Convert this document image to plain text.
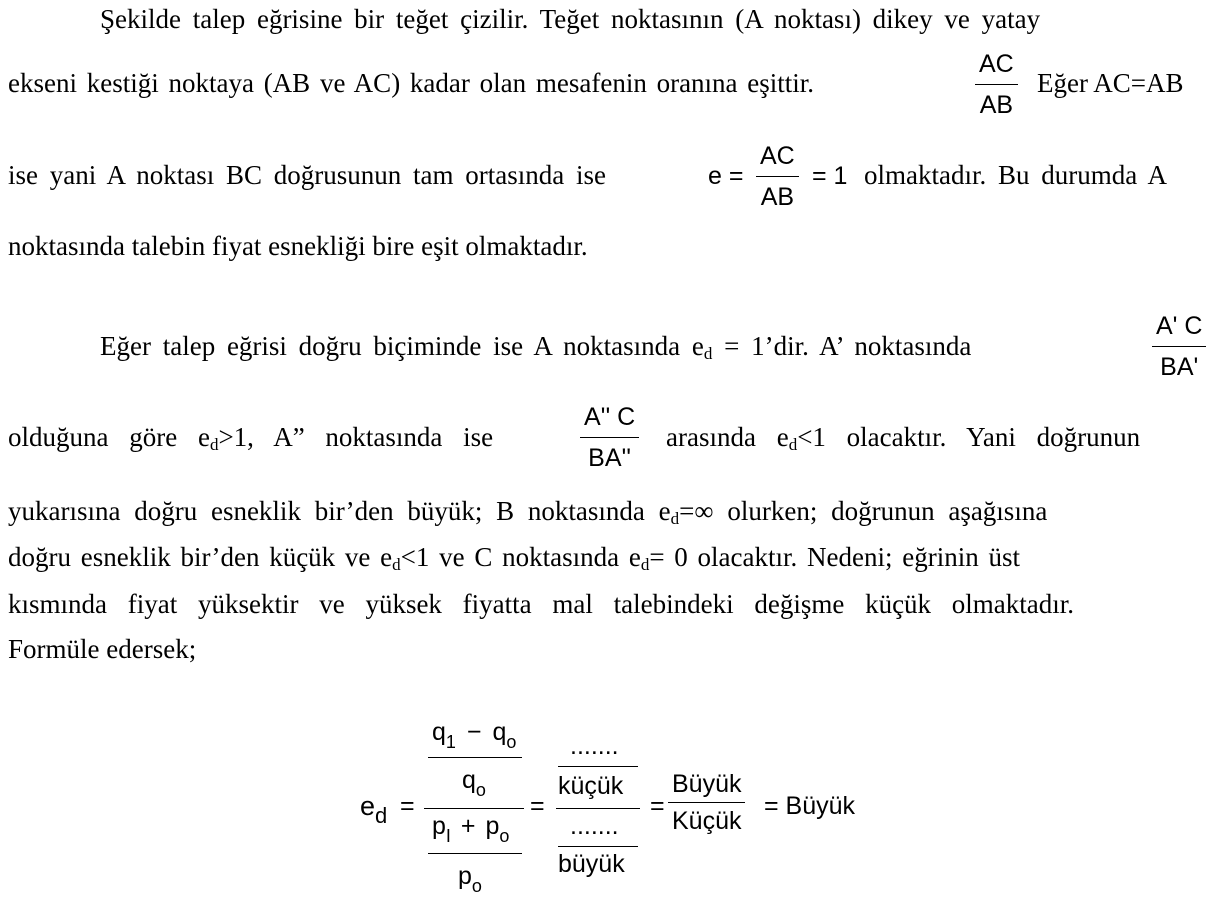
Şekilde talep eğrisine bir teğet çizilir. Teğet noktasının (A noktası) dikey ve yatay
ekseni kestiği noktaya (AB ve AC) kadar olan mesafenin oranına eşittir.
AC
AB
Eğer AC=AB
ise yani A noktası BC doğrusunun tam ortasında ise	e =
AC
AB
= 1 olmaktadır. Bu durumda A
noktasında talebin fiyat esnekliği bire eşit olmaktadır.
Eğer talep eğrisi doğru biçiminde ise A noktasında $e_d$ = 1’dir. A’ noktasında
A' C
BA'
olduğuna göre $e_d>1$, A” noktasında ise
A'' C
BA''
arasında $e_d<1$ olacaktır. Yani doğrunun
yukarısına doğru esneklik bir’den büyük; B noktasında $e_d=\infty$ olurken; doğrunun aşağısına
doğru esneklik bir’den küçük ve $e_d<1$ ve C noktasında $e_d= 0$ olacaktır. Nedeni; eğrinin üst
kısmında fiyat yüksektir ve yüksek fiyatta mal talebindeki değişme küçük olmaktadır.
Formüle edersek;
$e_d$ =
$q_1 - q_o$
$q_o$
$p_I + p_o$
$p_o$
=
.......
küçük
.......
büyük
=
Büyük
Küçük
= Büyük
